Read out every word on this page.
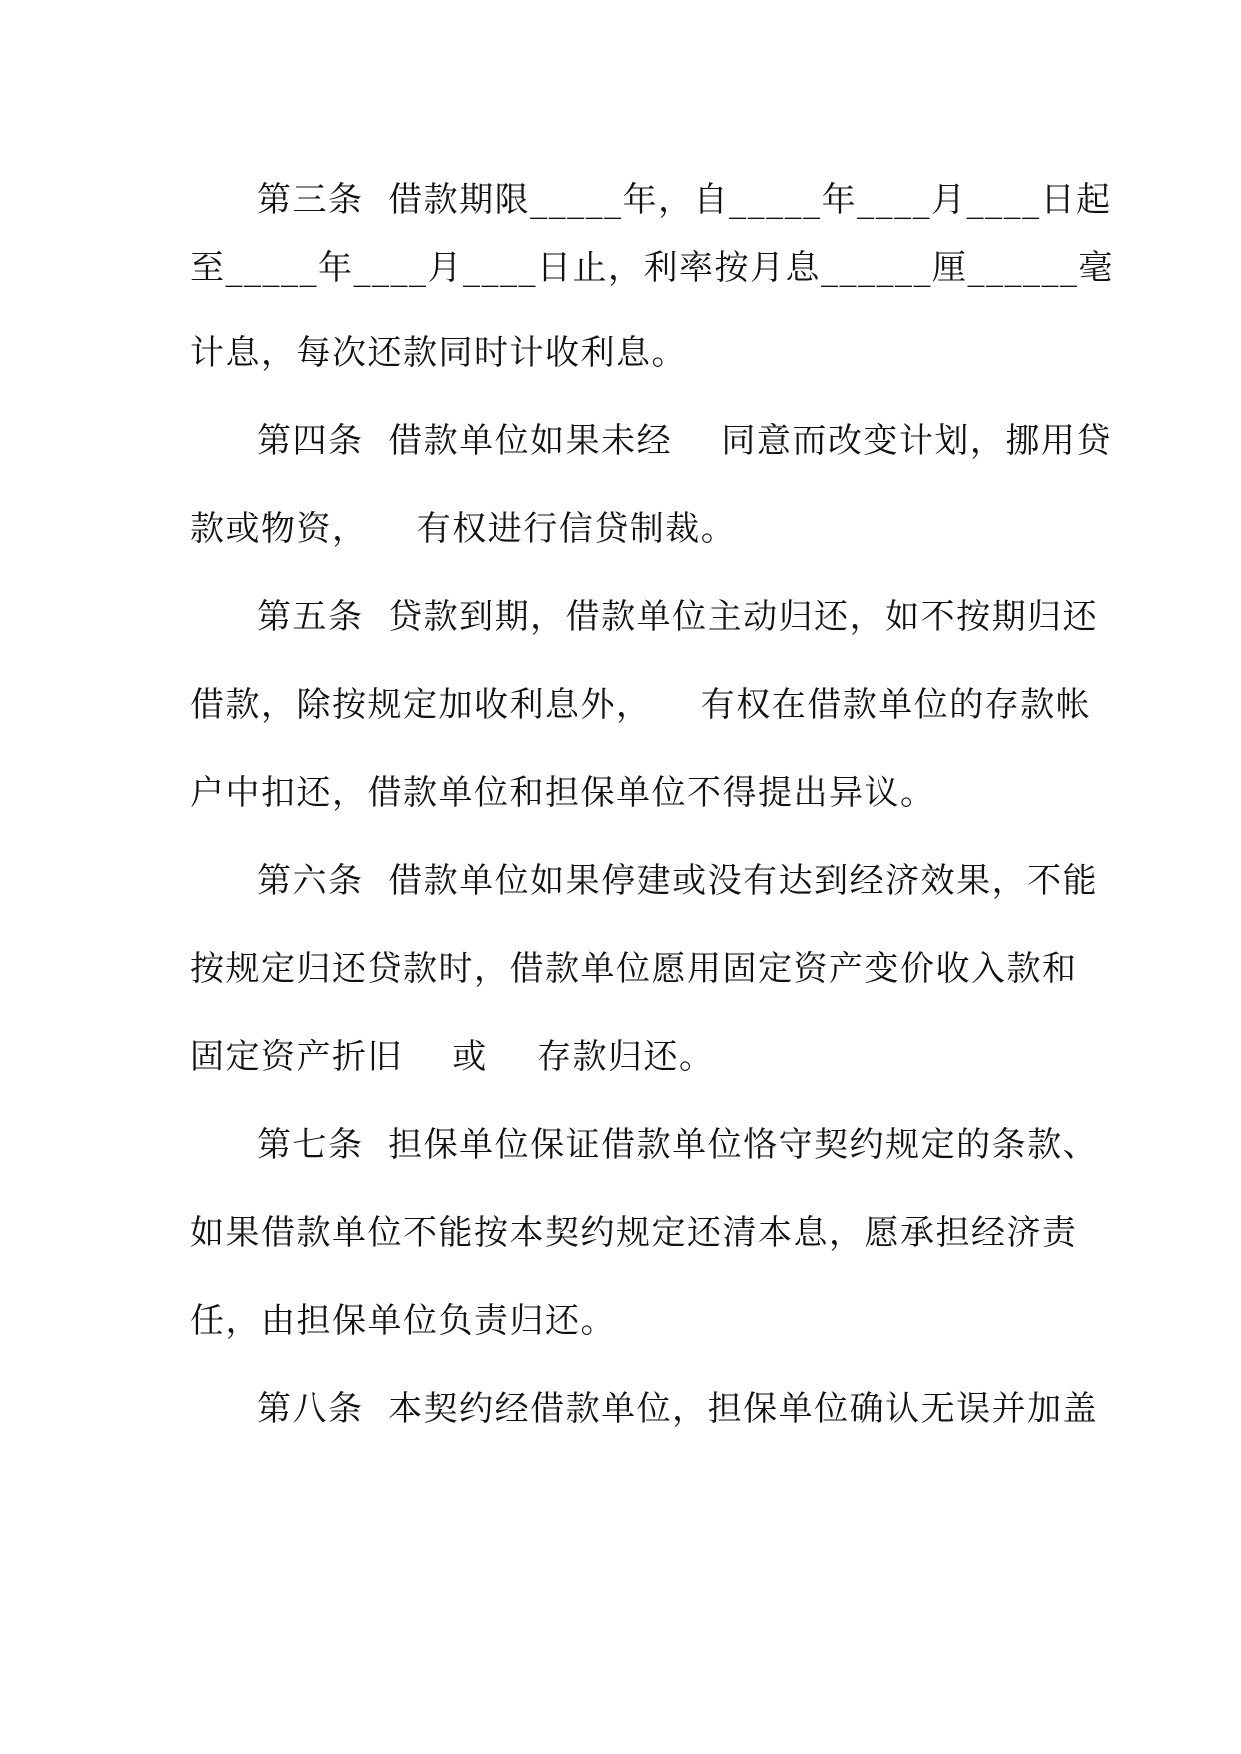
第三条  借款期限_____年，自_____年____月____日起
至_____年____月____日止，利率按月息______厘______毫
计息，每次还款同时计收利息。
第四条  借款单位如果未经    同意而改变计划，挪用贷
款或物资，    有权进行信贷制裁。
第五条  贷款到期，借款单位主动归还，如不按期归还
借款，除按规定加收利息外，    有权在借款单位的存款帐
户中扣还，借款单位和担保单位不得提出异议。
第六条  借款单位如果停建或没有达到经济效果，不能
按规定归还贷款时，借款单位愿用固定资产变价收入款和
固定资产折旧    或    存款归还。
第七条  担保单位保证借款单位恪守契约规定的条款、
如果借款单位不能按本契约规定还清本息，愿承担经济责
任，由担保单位负责归还。
第八条  本契约经借款单位，担保单位确认无误并加盖
